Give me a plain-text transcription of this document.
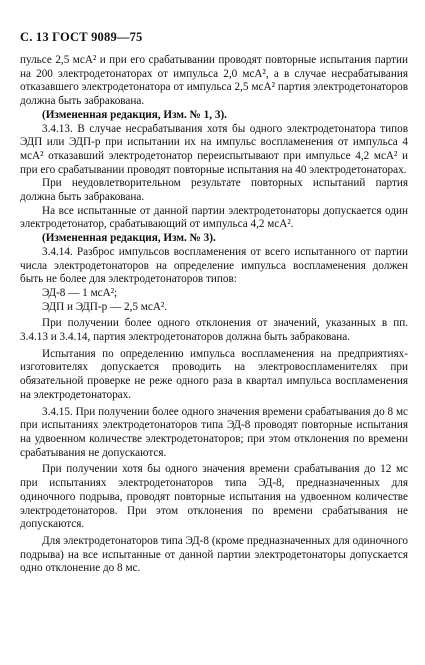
С. 13 ГОСТ 9089—75

пульсе 2,5 мсА² и при его срабатывании проводят повторные испытания партии на 200 электродетонаторах от импульса 2,0 мсА², а в случае несрабатывания отказавшего электродетонатора от импульса 2,5 мсА² партия электродетонаторов должна быть забракована.

(Измененная редакция, Изм. № 1, 3).

3.4.13. В случае несрабатывания хотя бы одного электродетонатора типов ЭДП или ЭДП-р при испытании их на импульс воспламенения от импульса 4 мсА² отказавший электродетонатор переиспытывают при импульсе 4,2 мсА² и при его срабатывании проводят повторные испытания на 40 электродетонаторах.

При неудовлетворительном результате повторных испытаний партия должна быть забракована.

На все испытанные от данной партии электродетонаторы допускается один электродетонатор, срабатывающий от импульса 4,2 мсА².

(Измененная редакция, Изм. № 3).

3.4.14. Разброс импульсов воспламенения от всего испытанного от партии числа электродетонаторов на определение импульса воспламенения должен быть не более для электродетонаторов типов:

ЭД-8 — 1 мсА²;

ЭДП и ЭДП-р — 2,5 мсА².

При получении более одного отклонения от значений, указанных в пп. 3.4.13 и 3.4.14, партия электродетонаторов должна быть забракована.

Испытания по определению импульса воспламенения на предприятиях-изготовителях допускается проводить на электровоспламенителях при обязательной проверке не реже одного раза в квартал импульса воспламенения на электродетонаторах.

3.4.15. При получении более одного значения времени срабатывания до 8 мс при испытаниях электродетонаторов типа ЭД-8 проводят повторные испытания на удвоенном количестве электродетонаторов; при этом отклонения по времени срабатывания не допускаются.

При получении хотя бы одного значения времени срабатывания до 12 мс при испытаниях электродетонаторов типа ЭД-8, предназначенных для одиночного подрыва, проводят повторные испытания на удвоенном количестве электродетонаторов. При этом отклонения по времени срабатывания не допускаются.

Для электродетонаторов типа ЭД-8 (кроме предназначенных для одиночного подрыва) на все испытанные от данной партии электродетонаторы допускается одно отклонение до 8 мс.
